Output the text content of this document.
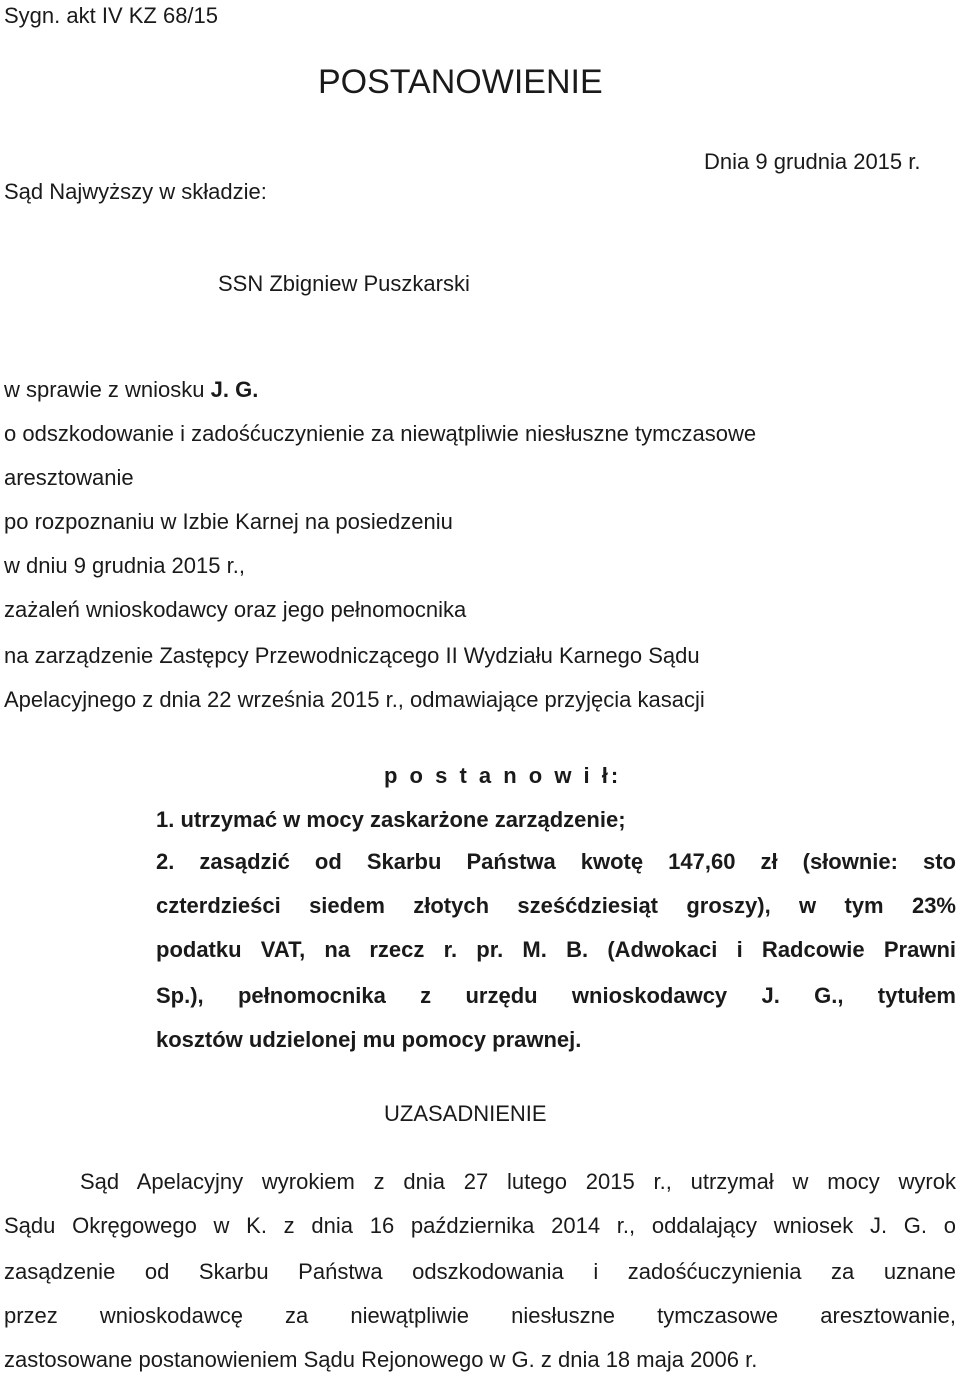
Sygn. akt IV KZ 68/15
POSTANOWIENIE
Dnia 9 grudnia 2015 r.
Sąd Najwyższy w składzie:
SSN Zbigniew Puszkarski
w sprawie z wniosku J. G.
o odszkodowanie i zadośćuczynienie za niewątpliwie niesłuszne tymczasowe
aresztowanie
po rozpoznaniu w Izbie Karnej na posiedzeniu
w dniu 9 grudnia 2015 r.,
zażaleń wnioskodawcy oraz jego pełnomocnika
na zarządzenie Zastępcy Przewodniczącego II Wydziału Karnego Sądu
Apelacyjnego z dnia 22 września 2015 r., odmawiające przyjęcia kasacji
p o s t a n o w i ł:
1. utrzymać w mocy zaskarżone zarządzenie;
2. zasądzić od Skarbu Państwa kwotę 147,60 zł (słownie: sto
czterdzieści siedem złotych sześćdziesiąt groszy), w tym 23%
podatku VAT, na rzecz r. pr. M. B. (Adwokaci i Radcowie Prawni
Sp.), pełnomocnika z urzędu wnioskodawcy J. G., tytułem
kosztów udzielonej mu pomocy prawnej.
UZASADNIENIE
Sąd Apelacyjny wyrokiem z dnia 27 lutego 2015 r., utrzymał w mocy wyrok
Sądu Okręgowego w K. z dnia 16 października 2014 r., oddalający wniosek J. G. o
zasądzenie od Skarbu Państwa odszkodowania i zadośćuczynienia za uznane
przez wnioskodawcę za niewątpliwie niesłuszne tymczasowe aresztowanie,
zastosowane postanowieniem Sądu Rejonowego w G. z dnia 18 maja 2006 r.
